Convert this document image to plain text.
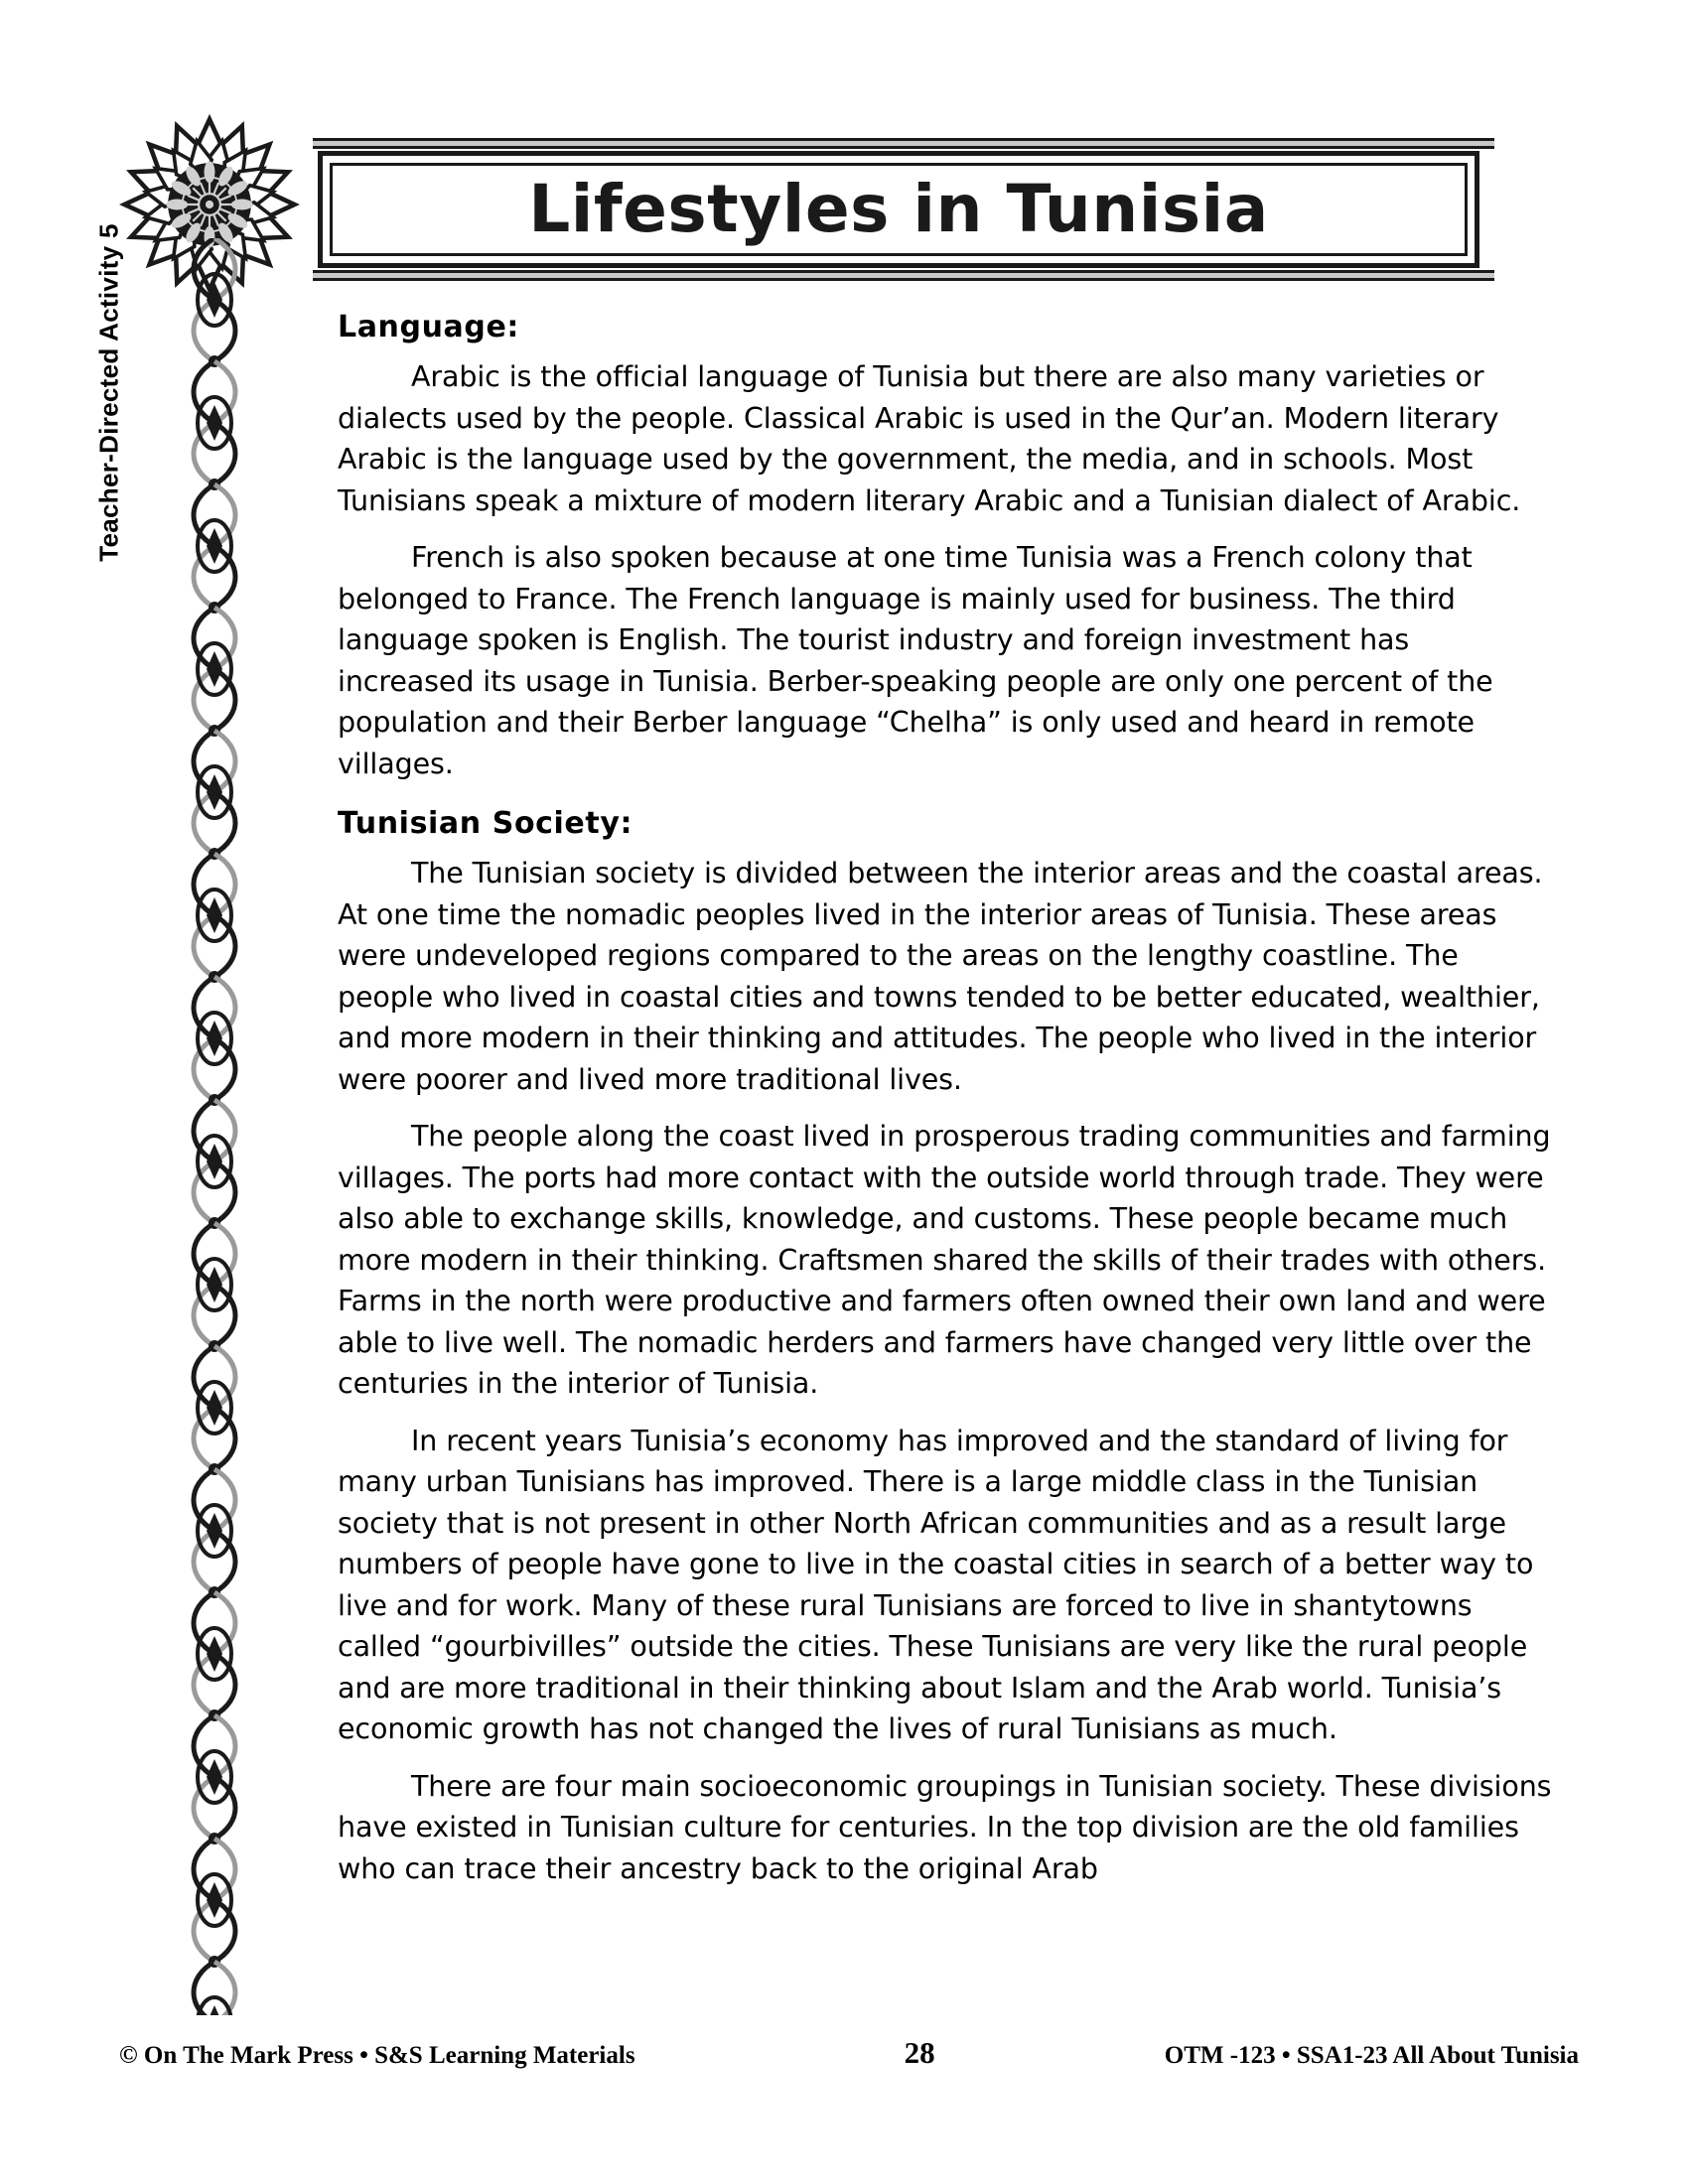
Teacher-Directed Activity 5
Lifestyles in Tunisia
Language:

Arabic is the official language of Tunisia but there are also many varieties or dialects used by the people. Classical Arabic is used in the Qur’an. Modern literary Arabic is the language used by the government, the media, and in schools. Most Tunisians speak a mixture of modern literary Arabic and a Tunisian dialect of Arabic.

French is also spoken because at one time Tunisia was a French colony that belonged to France. The French language is mainly used for business. The third language spoken is English. The tourist industry and foreign investment has increased its usage in Tunisia. Berber-speaking people are only one percent of the population and their Berber language “Chelha” is only used and heard in remote villages.

Tunisian Society:

The Tunisian society is divided between the interior areas and the coastal areas. At one time the nomadic peoples lived in the interior areas of Tunisia. These areas were undeveloped regions compared to the areas on the lengthy coastline. The people who lived in coastal cities and towns tended to be better educated, wealthier, and more modern in their thinking and attitudes. The people who lived in the interior were poorer and lived more traditional lives.

The people along the coast lived in prosperous trading communities and farming villages. The ports had more contact with the outside world through trade. They were also able to exchange skills, knowledge, and customs. These people became much more modern in their thinking. Craftsmen shared the skills of their trades with others. Farms in the north were productive and farmers often owned their own land and were able to live well. The nomadic herders and farmers have changed very little over the centuries in the interior of Tunisia.

In recent years Tunisia’s economy has improved and the standard of living for many urban Tunisians has improved. There is a large middle class in the Tunisian society that is not present in other North African communities and as a result large numbers of people have gone to live in the coastal cities in search of a better way to live and for work. Many of these rural Tunisians are forced to live in shantytowns called “gourbivilles” outside the cities. These Tunisians are very like the rural people and are more traditional in their thinking about Islam and the Arab world. Tunisia’s economic growth has not changed the lives of rural Tunisians as much.

There are four main socioeconomic groupings in Tunisian society. These divisions have existed in Tunisian culture for centuries. In the top division are the old families who can trace their ancestry back to the original Arab

© On The Mark Press • S&S Learning Materials	28	OTM -123 • SSA1-23 All About Tunisia
